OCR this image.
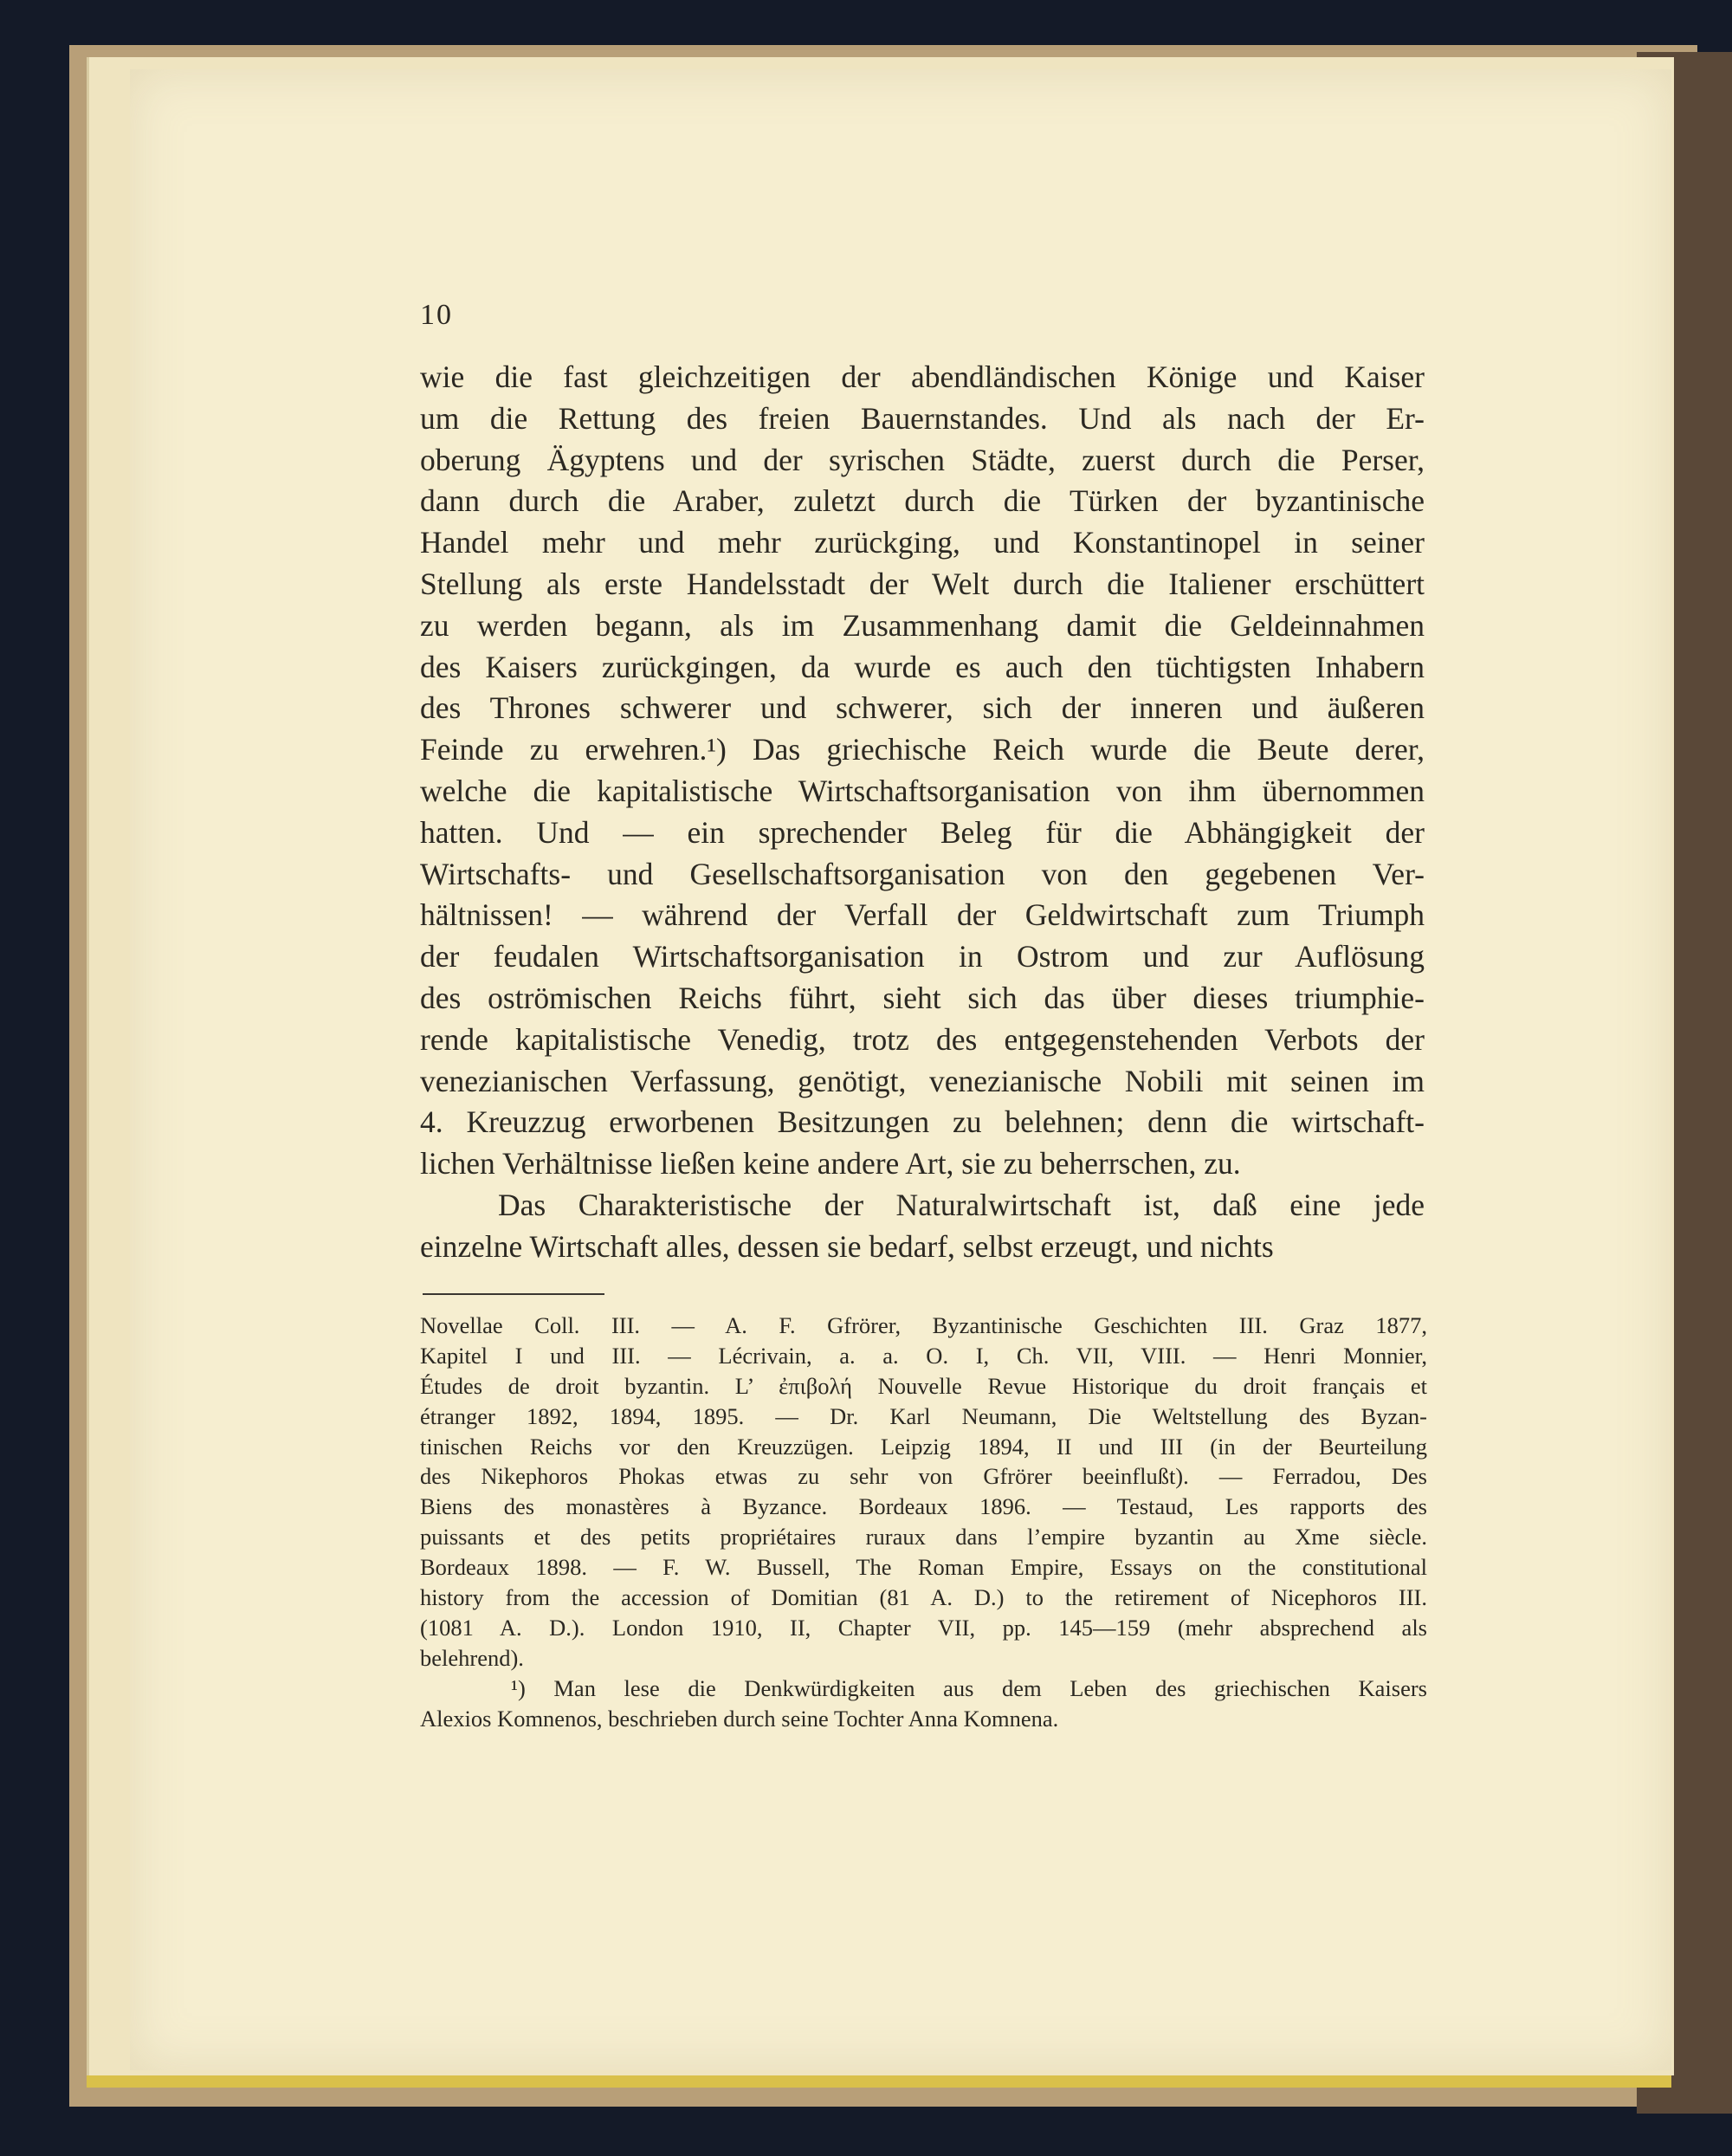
10
wie die fast gleichzeitigen der abendländischen Könige und Kaiser
um die Rettung des freien Bauernstandes. Und als nach der Er-
oberung Ägyptens und der syrischen Städte, zuerst durch die Perser,
dann durch die Araber, zuletzt durch die Türken der byzantinische
Handel mehr und mehr zurückging, und Konstantinopel in seiner
Stellung als erste Handelsstadt der Welt durch die Italiener erschüttert
zu werden begann, als im Zusammenhang damit die Geldeinnahmen
des Kaisers zurückgingen, da wurde es auch den tüchtigsten Inhabern
des Thrones schwerer und schwerer, sich der inneren und äußeren
Feinde zu erwehren.¹) Das griechische Reich wurde die Beute derer,
welche die kapitalistische Wirtschaftsorganisation von ihm übernommen
hatten. Und — ein sprechender Beleg für die Abhängigkeit der
Wirtschafts- und Gesellschaftsorganisation von den gegebenen Ver-
hältnissen! — während der Verfall der Geldwirtschaft zum Triumph
der feudalen Wirtschaftsorganisation in Ostrom und zur Auflösung
des oströmischen Reichs führt, sieht sich das über dieses triumphie-
rende kapitalistische Venedig, trotz des entgegenstehenden Verbots der
venezianischen Verfassung, genötigt, venezianische Nobili mit seinen im
4. Kreuzzug erworbenen Besitzungen zu belehnen; denn die wirtschaft-
lichen Verhältnisse ließen keine andere Art, sie zu beherrschen, zu.
Das Charakteristische der Naturalwirtschaft ist, daß eine jede
einzelne Wirtschaft alles, dessen sie bedarf, selbst erzeugt, und nichts
Novellae Coll. III. — A. F. Gfrörer, Byzantinische Geschichten III. Graz 1877,
Kapitel I und III. — Lécrivain, a. a. O. I, Ch. VII, VIII. — Henri Monnier,
Études de droit byzantin. L’ ἐπιβολή Nouvelle Revue Historique du droit français et
étranger 1892, 1894, 1895. — Dr. Karl Neumann, Die Weltstellung des Byzan-
tinischen Reichs vor den Kreuzzügen. Leipzig 1894, II und III (in der Beurteilung
des Nikephoros Phokas etwas zu sehr von Gfrörer beeinflußt). — Ferradou, Des
Biens des monastères à Byzance. Bordeaux 1896. — Testaud, Les rapports des
puissants et des petits propriétaires ruraux dans l’empire byzantin au Xme siècle.
Bordeaux 1898. — F. W. Bussell, The Roman Empire, Essays on the constitutional
history from the accession of Domitian (81 A. D.) to the retirement of Nicephoros III.
(1081 A. D.). London 1910, II, Chapter VII, pp. 145—159 (mehr absprechend als
belehrend).
¹) Man lese die Denkwürdigkeiten aus dem Leben des griechischen Kaisers
Alexios Komnenos, beschrieben durch seine Tochter Anna Komnena.
